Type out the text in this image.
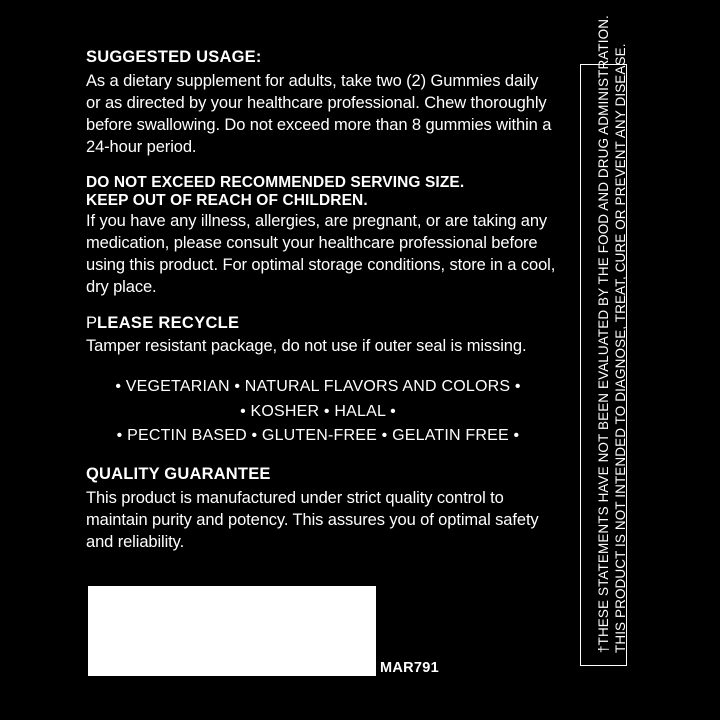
SUGGESTED USAGE:

As a dietary supplement for adults, take two (2) Gummies daily or as directed by your healthcare professional. Chew thoroughly before swallowing. Do not exceed more than 8 gummies within a 24-hour period.

DO NOT EXCEED RECOMMENDED SERVING SIZE.

KEEP OUT OF REACH OF CHILDREN.

If you have any illness, allergies, are pregnant, or are taking any medication, please consult your healthcare professional before using this product. For optimal storage conditions, store in a cool, dry place.

PLEASE RECYCLE

Tamper resistant package, do not use if outer seal is missing.

• VEGETARIAN • NATURAL FLAVORS AND COLORS •
• KOSHER • HALAL •
• PECTIN BASED • GLUTEN-FREE • GELATIN FREE •
QUALITY GUARANTEE

This product is manufactured under strict quality control to maintain purity and potency. This assures you of optimal safety and reliability.

MAR791
†THESE STATEMENTS HAVE NOT BEEN EVALUATED BY THE FOOD AND DRUG ADMINISTRATION. THIS PRODUCT IS NOT INTENDED TO DIAGNOSE, TREAT, CURE OR PREVENT ANY DISEASE.
